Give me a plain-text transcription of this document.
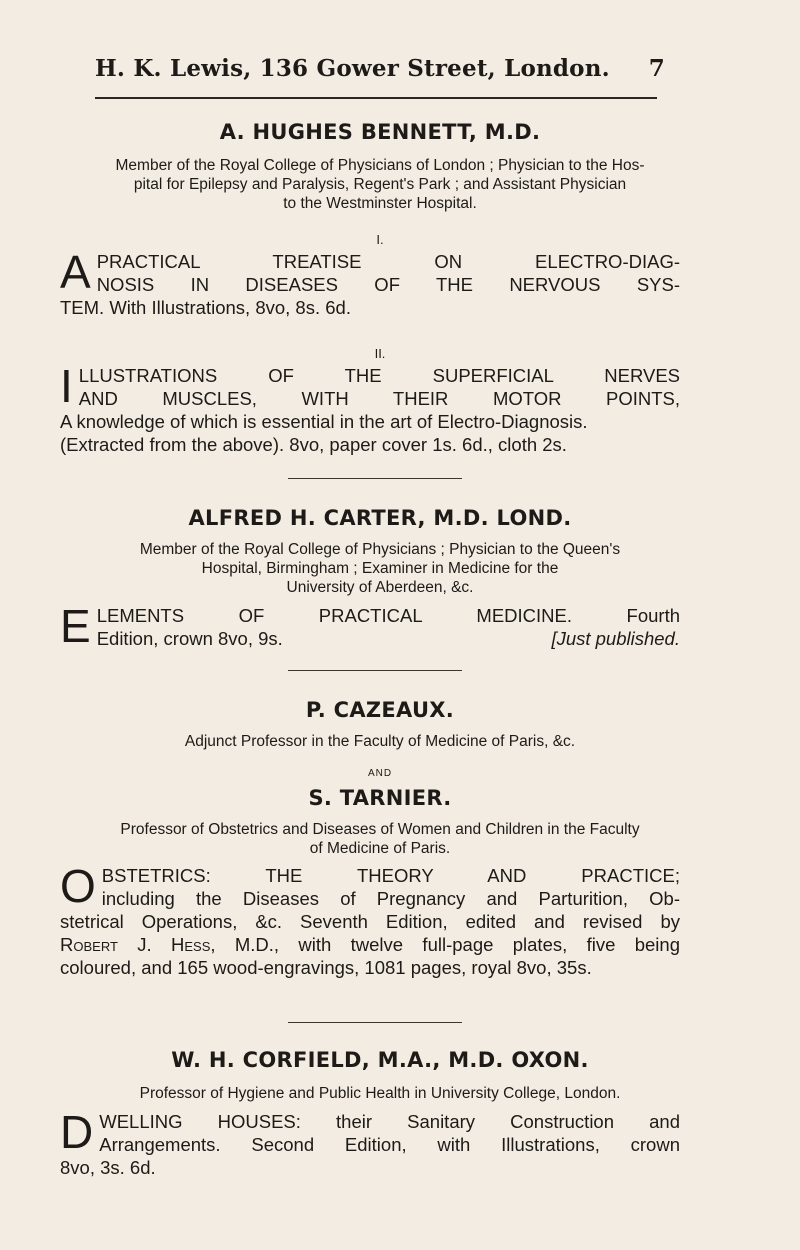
H. K. Lewis, 136 Gower Street, London. 7
A. HUGHES BENNETT, M.D.
Member of the Royal College of Physicians of London ; Physician to the Hos-
pital for Epilepsy and Paralysis, Regent's Park ; and Assistant Physician
to the Westminster Hospital.
I.
A PRACTICAL TREATISE ON ELECTRO-DIAG-
NOSIS IN DISEASES OF THE NERVOUS SYS-
TEM. With Illustrations, 8vo, 8s. 6d.
II.
I LLUSTRATIONS OF THE SUPERFICIAL NERVES
AND MUSCLES, WITH THEIR MOTOR POINTS,
A knowledge of which is essential in the art of Electro-Diagnosis.
(Extracted from the above). 8vo, paper cover 1s. 6d., cloth 2s.
ALFRED H. CARTER, M.D. LOND.
Member of the Royal College of Physicians ; Physician to the Queen's
Hospital, Birmingham ; Examiner in Medicine for the
University of Aberdeen, &c.
E LEMENTS OF PRACTICAL MEDICINE. Fourth
Edition, crown 8vo, 9s.	[Just published.
P. CAZEAUX.
Adjunct Professor in the Faculty of Medicine of Paris, &c.
AND
S. TARNIER.
Professor of Obstetrics and Diseases of Women and Children in the Faculty
of Medicine of Paris.
O BSTETRICS: THE THEORY AND PRACTICE;
including the Diseases of Pregnancy and Parturition, Ob-
stetrical Operations, &c. Seventh Edition, edited and revised by
Robert J. Hess, M.D., with twelve full-page plates, five being
coloured, and 165 wood-engravings, 1081 pages, royal 8vo, 35s.
W. H. CORFIELD, M.A., M.D. OXON.
Professor of Hygiene and Public Health in University College, London.
D WELLING HOUSES: their Sanitary Construction and
Arrangements. Second Edition, with Illustrations, crown
8vo, 3s. 6d.
